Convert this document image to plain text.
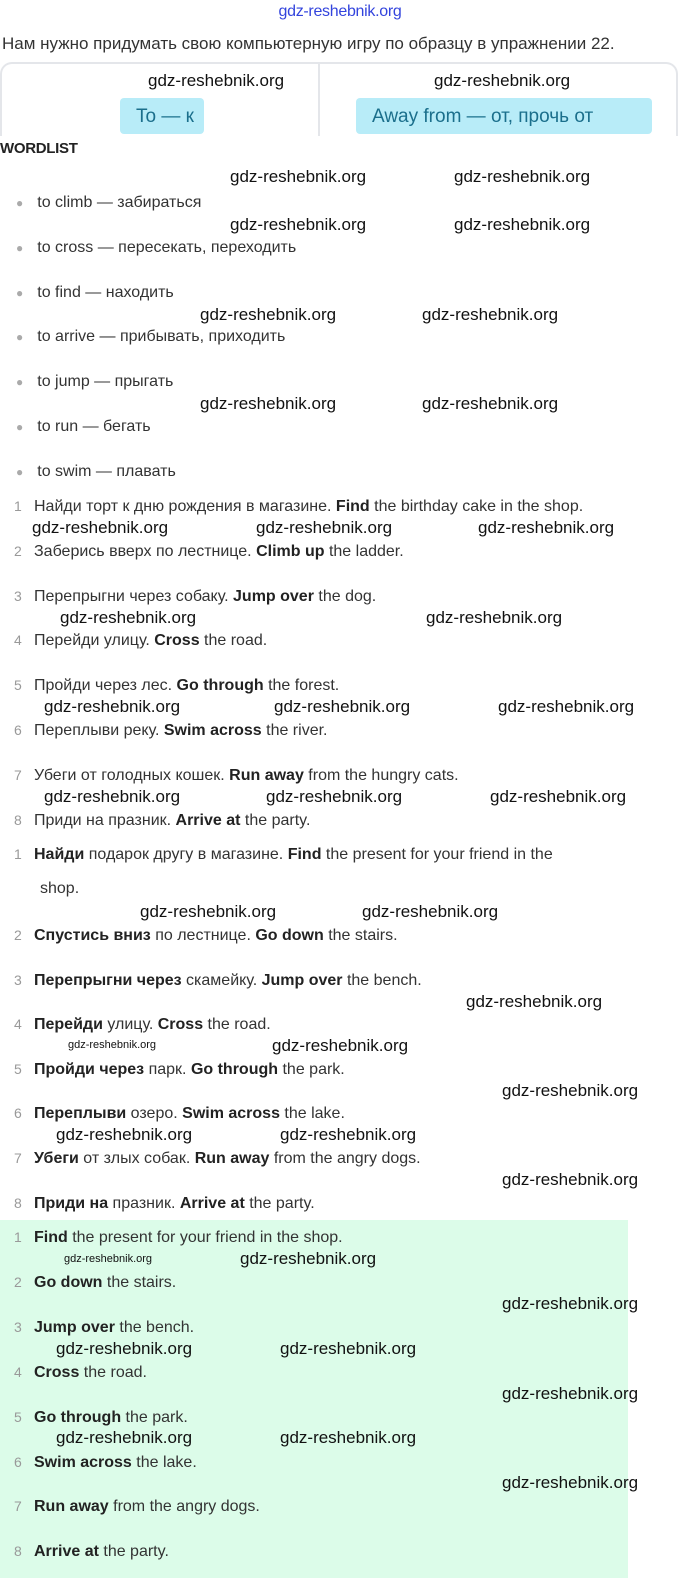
gdz-reshebnik.org
Нам нужно придумать свою компьютерную игру по образцу в упражнении 22.
To — к	Away from — от, прочь от
WORDLIST
● to climb — забираться
● to cross — пересекать, переходить
● to find — находить
● to arrive — прибывать, приходить
● to jump — прыгать
● to run — бегать
● to swim — плавать
1 Найди торт к дню рождения в магазине. Find the birthday cake in the shop.
2 Заберись вверх по лестнице. Climb up the ladder.
3 Перепрыгни через собаку. Jump over the dog.
4 Перейди улицу. Cross the road.
5 Пройди через лес. Go through the forest.
6 Переплыви реку. Swim across the river.
7 Убеги от голодных кошек. Run away from the hungry cats.
8 Приди на празник. Arrive at the party.
1 Найди подарок другу в магазине. Find the present for your friend in the
shop.
2 Спустись вниз по лестнице. Go down the stairs.
3 Перепрыгни через скамейку. Jump over the bench.
4 Перейди улицу. Cross the road.
5 Пройди через парк. Go through the park.
6 Переплыви озеро. Swim across the lake.
7 Убеги от злых собак. Run away from the angry dogs.
8 Приди на празник. Arrive at the party.
1 Find the present for your friend in the shop.
2 Go down the stairs.
3 Jump over the bench.
4 Cross the road.
5 Go through the park.
6 Swim across the lake.
7 Run away from the angry dogs.
8 Arrive at the party.
gdz-reshebnik.org	gdz-reshebnik.org
gdz-reshebnik.org	gdz-reshebnik.org
gdz-reshebnik.org	gdz-reshebnik.org
gdz-reshebnik.org	gdz-reshebnik.org
gdz-reshebnik.org	gdz-reshebnik.org
gdz-reshebnik.org	gdz-reshebnik.org	gdz-reshebnik.org
gdz-reshebnik.org	gdz-reshebnik.org
gdz-reshebnik.org	gdz-reshebnik.org	gdz-reshebnik.org
gdz-reshebnik.org	gdz-reshebnik.org	gdz-reshebnik.org
gdz-reshebnik.org	gdz-reshebnik.org
gdz-reshebnik.org
gdz-reshebnik.org
gdz-reshebnik.org
gdz-reshebnik.org	gdz-reshebnik.org
gdz-reshebnik.org
gdz-reshebnik.org
gdz-reshebnik.org
gdz-reshebnik.org	gdz-reshebnik.org
gdz-reshebnik.org
gdz-reshebnik.org	gdz-reshebnik.org
gdz-reshebnik.org
gdz-reshebnik.org
gdz-reshebnik.org
